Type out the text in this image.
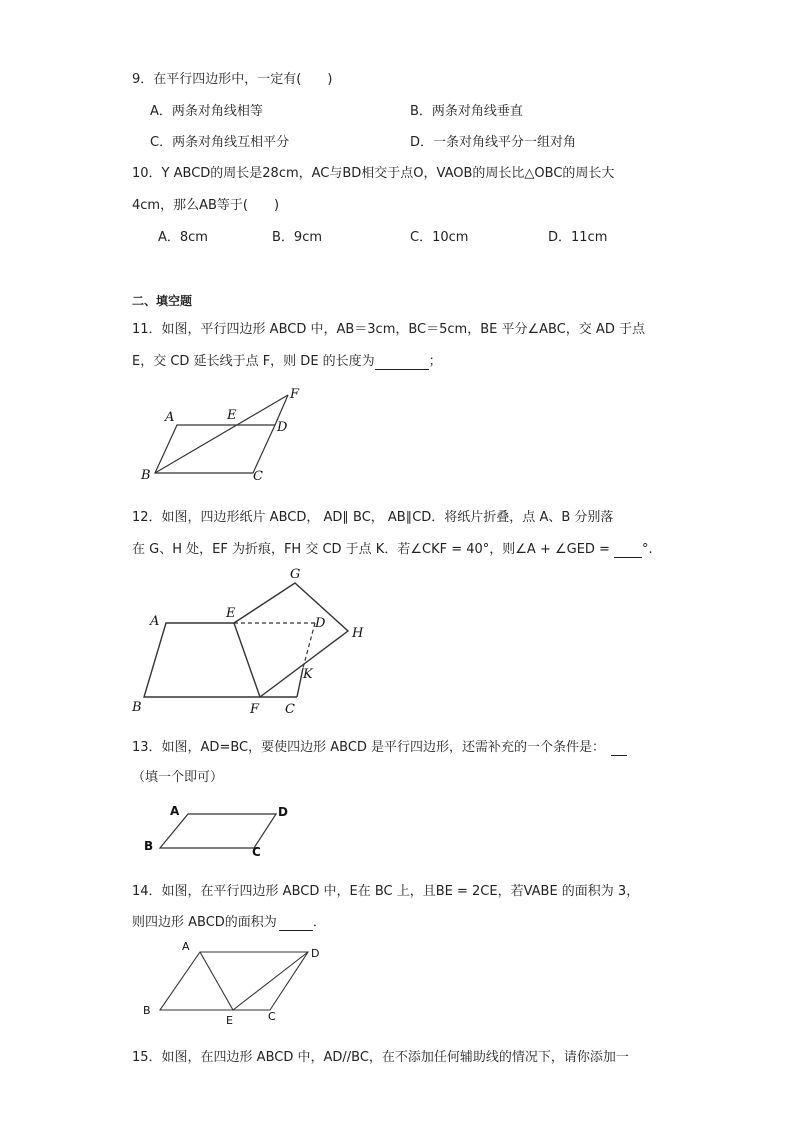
9．在平行四边形中，一定有(　　)
A．两条对角线相等	B．两条对角线垂直
C．两条对角线互相平分	D．一条对角线平分一组对角
10．Y ABCD的周长是28cm，AC与BD相交于点O，VAOB的周长比△OBC的周长大
4cm，那么AB等于(　　)
A．8cm	B．9cm	C．10cm	D．11cm
二、填空题
11．如图，平行四边形 ABCD 中，AB＝3cm，BC＝5cm，BE 平分∠ABC，交 AD 于点
E，交 CD 延长线于点 F，则 DE 的长度为	；
A	E
F
D
B	C
12．如图，四边形纸片 ABCD， AD∥ BC， AB∥CD．将纸片折叠，点 A、B 分别落
在 G、H 处，EF 为折痕，FH 交 CD 于点 K．若∠CKF = 40°，则∠A + ∠GED = °.
G
A
E
D
H
K
B	F C
13．如图，AD=BC，要使四边形 ABCD 是平行四边形，还需补充的一个条件是：
（填一个即可）
A	D
B	C
14．如图，在平行四边形 ABCD 中，E在 BC 上，且BE = 2CE，若VABE 的面积为 3，
则四边形 ABCD的面积为	．
A
D
B
E	C
15．如图，在四边形 ABCD 中，AD//BC，在不添加任何辅助线的情况下，请你添加一
